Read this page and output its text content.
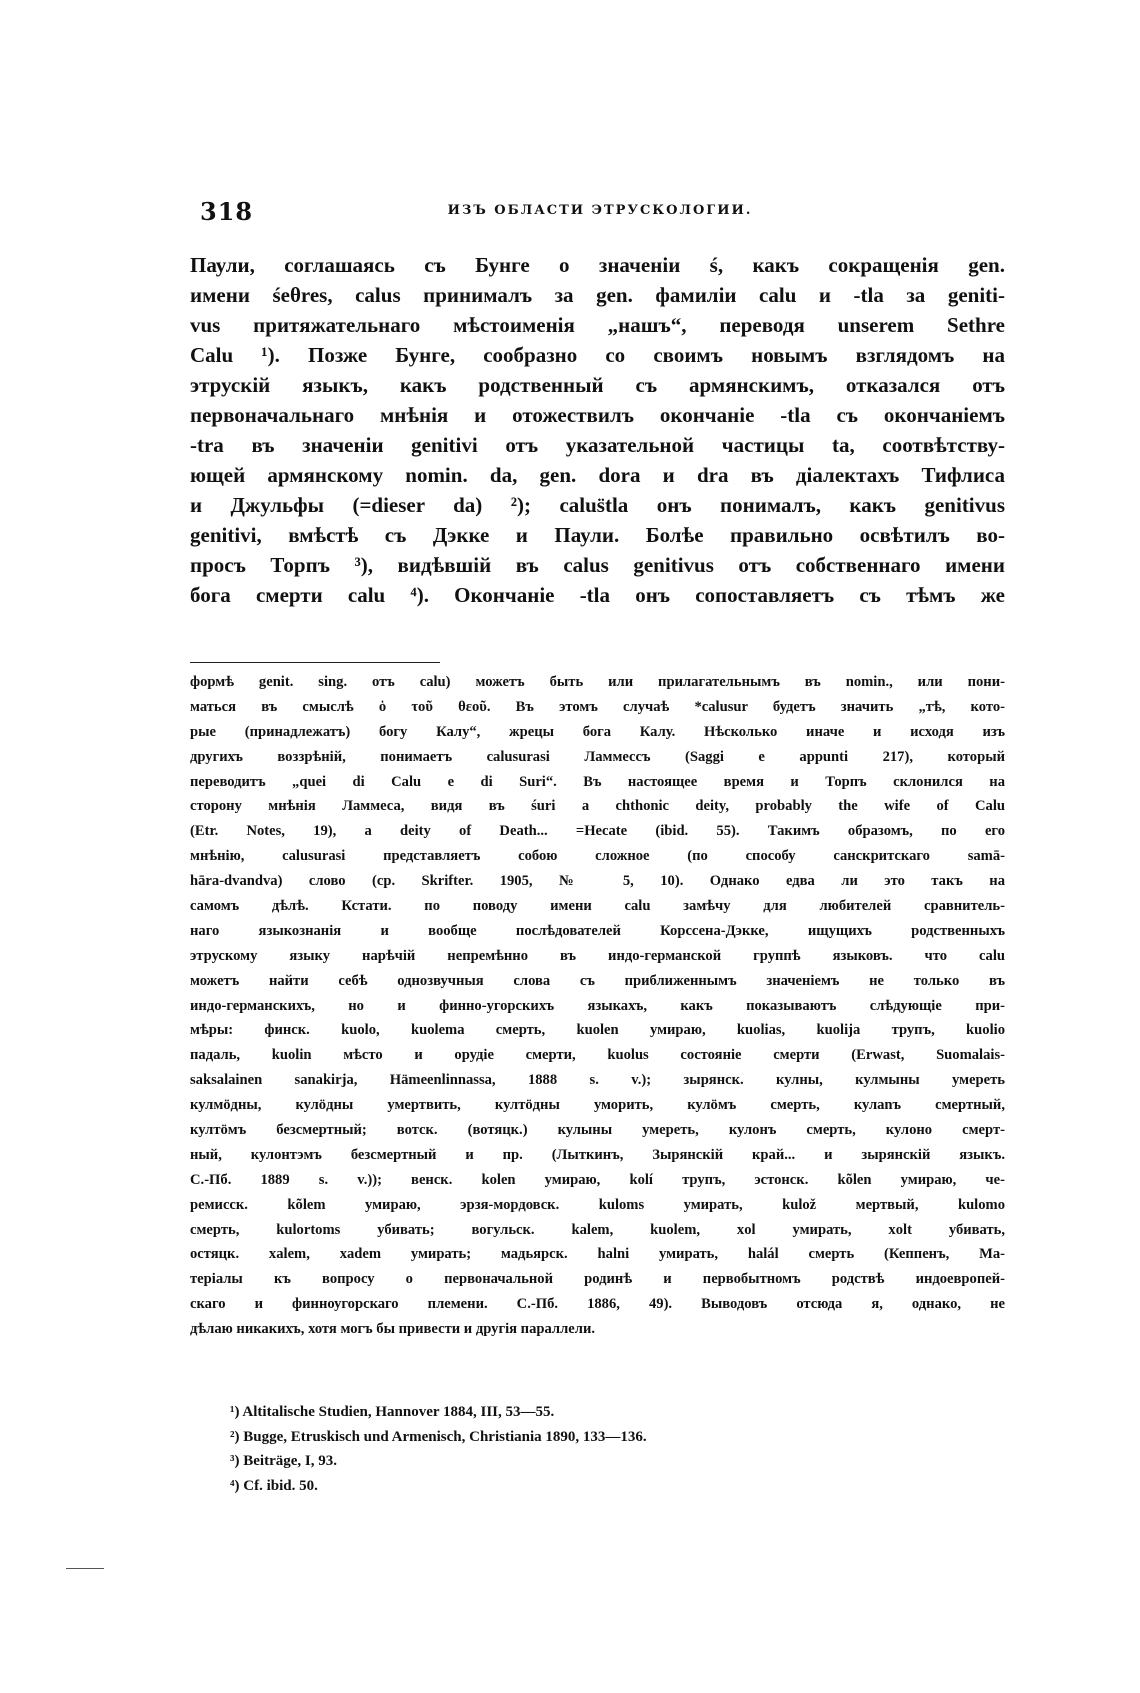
318	ИЗЪ ОБЛАСТИ ЭТРУСКОЛОГИИ.
Паули, соглашаясь съ Бунге о значеніи ś, какъ сокращенія gen.
имени śeθres, calus принималъ за gen. фамиліи calu и -tla за geniti-
vus притяжательнаго мѣстоименія „нашъ“, переводя unserem Sethre
Calu ¹). Позже Бунге, сообразно со своимъ новымъ взглядомъ на
этрускій языкъ, какъ родственный съ армянскимъ, отказался отъ
первоначальнаго мнѣнія и отожествилъ окончаніе -tla съ окончаніемъ
-tra въ значеніи genitivi отъ указательной частицы ta, соотвѣтству-
ющей армянскому nomin. da, gen. dora и dra въ діалектахъ Тифлиса
и Джульфы (=dieser da) ²); calus̈tla онъ понималъ, какъ genitivus
genitivi, вмѣстѣ съ Дэкке и Паули. Болѣе правильно освѣтилъ во-
просъ Торпъ ³), видѣвшій въ calus genitivus отъ собственнаго имени
бога смерти calu ⁴). Окончаніе -tla онъ сопоставляетъ съ тѣмъ же
формѣ genit. sing. отъ calu) можетъ быть или прилагательнымъ въ nomin., или пони-
маться въ смыслѣ ὁ τοῦ θεοῦ. Въ этомъ случаѣ *calusur будетъ значить „тѣ, кото-
рые (принадлежатъ) богу Калу“, жрецы бога Калу. Нѣсколько иначе и исходя изъ
другихъ воззрѣній, понимаетъ calusurasi Ламмессъ (Saggi e appunti 217), который
переводитъ „quei di Calu e di Suri“. Въ настоящее время и Торпъ склонился на
сторону мнѣнія Ламмеса, видя въ śuri a chthonic deity, probably the wife of Calu
(Etr. Notes, 19), a deity of Death... =Hecate (ibid. 55). Такимъ образомъ, по его
мнѣнію, calusurasi представляетъ собою сложное (по способу санскритскаго samā-
hāra-dvandva) слово (ср. Skrifter. 1905, № 5, 10). Однако едва ли это такъ на
самомъ дѣлѣ. Кстати. по поводу имени calu замѣчу для любителей сравнитель-
наго языкознанія и вообще послѣдователей Корссена-Дэкке, ищущихъ родственныхъ
этрускому языку нарѣчій непремѣнно въ индо-германской группѣ языковъ. что calu
можетъ найти себѣ однозвучныя слова съ приближеннымъ значеніемъ не только въ
индо-германскихъ, но и финно-угорскихъ языкахъ, какъ показываютъ слѣдующіе при-
мѣры: финск. kuolo, kuolema смерть, kuolen умираю, kuolias, kuolija трупъ, kuolio
падаль, kuolin мѣсто и орудіе смерти, kuolus состояніе смерти (Erwast, Suomalais-
saksalainen sanakirja, Hämeenlinnassa, 1888 s. v.); зырянск. кулны, кулмыны умереть
кулмöдны, кулöдны умертвить, култöдны уморить, кулöмъ смерть, кулаnъ смертный,
култöмъ безсмертный; вотск. (вотяцк.) кулыны умереть, кулонъ смерть, кулоно смерт-
ный, кулонтэмъ безсмертный и пр. (Лыткинъ, Зырянскій край... и зырянскій языкъ.
С.-Пб. 1889 s. v.)); венск. kolen умираю, kolí трупъ, эстонск. kõlen умираю, че-
ремисск. kõlem умираю, эрзя-мордовск. kuloms умирать, kulož мертвый, kulomo
смерть, kulortoms убивать; вогульск. kalem, kuolem, xol умирать, xolt убивать,
остяцк. xalem, xadem умирать; мадьярск. halni умирать, halál смерть (Кеппенъ, Ма-
теріалы къ вопросу о первоначальной родинѣ и первобытномъ родствѣ индоевропей-
скаго и финноугорскаго племени. С.-Пб. 1886, 49). Выводовъ отсюда я, однако, не
дѣлаю никакихъ, хотя могъ бы привести и другія параллели.
¹) Altitalische Studien, Hannover 1884, III, 53—55.
²) Bugge, Etruskisch und Armenisch, Christiania 1890, 133—136.
³) Beiträge, I, 93.
⁴) Cf. ibid. 50.
